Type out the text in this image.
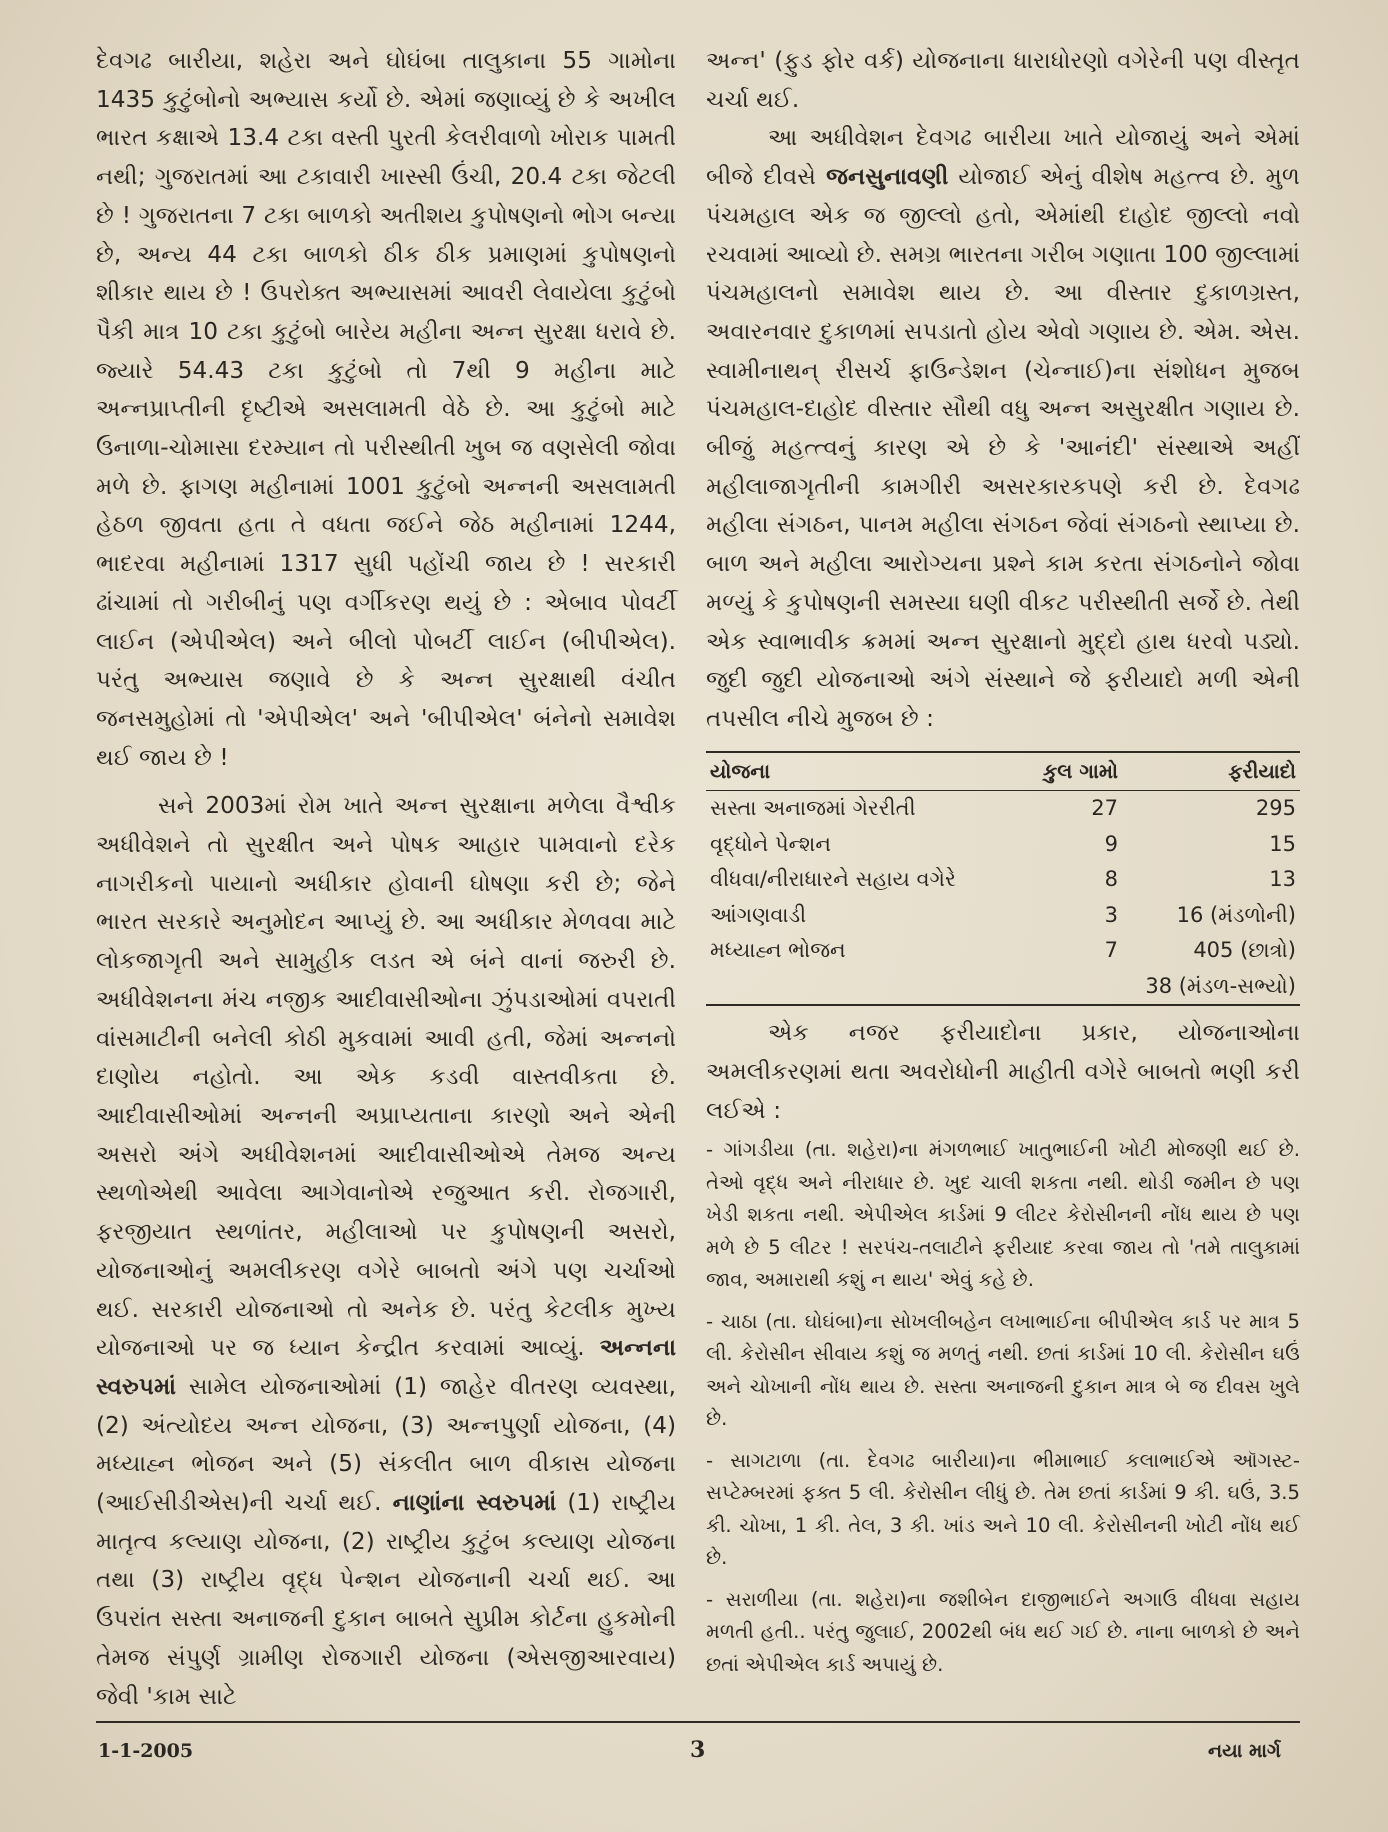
દેવગઢ બારીયા, શહેરા અને ઘોઘંબા તાલુકાના 55 ગામોના 1435 કુટુંબોનો અભ્યાસ કર્યો છે. એમાં જણાવ્યું છે કે અખીલ ભારત કક્ષાએ 13.4 ટકા વસ્તી પુરતી કેલરીવાળો ખોરાક પામતી નથી; ગુજરાતમાં આ ટકાવારી ખાસ્સી ઉંચી, 20.4 ટકા જેટલી છે ! ગુજરાતના 7 ટકા બાળકો અતીશય કુપોષણનો ભોગ બન્યા છે, અન્ય 44 ટકા બાળકો ઠીક ઠીક પ્રમાણમાં કુપોષણનો શીકાર થાય છે ! ઉપરોક્ત અભ્યાસમાં આવરી લેવાયેલા કુટુંબો પૈકી માત્ર 10 ટકા કુટુંબો બારેય મહીના અન્ન સુરક્ષા ધરાવે છે. જ્યારે 54.43 ટકા કુટુંબો તો 7થી 9 મહીના માટે અન્નપ્રાપ્તીની દૃષ્ટીએ અસલામતી વેઠે છે. આ કુટુંબો માટે ઉનાળા-ચોમાસા દરમ્યાન તો પરીસ્થીતી ખુબ જ વણસેલી જોવા મળે છે. ફાગણ મહીનામાં 1001 કુટુંબો અન્નની અસલામતી હેઠળ જીવતા હતા તે વધતા જઈને જેઠ મહીનામાં 1244, ભાદરવા મહીનામાં 1317 સુધી પહોંચી જાય છે ! સરકારી ઢાંચામાં તો ગરીબીનું પણ વર્ગીકરણ થયું છે : એબાવ પોવર્ટી લાઈન (એપીએલ) અને બીલો પોબર્ટી લાઈન (બીપીએલ). પરંતુ અભ્યાસ જણાવે છે કે અન્ન સુરક્ષાથી વંચીત જનસમુહોમાં તો 'એપીએલ' અને 'બીપીએલ' બંનેનો સમાવેશ થઈ જાય છે !

સને 2003માં રોમ ખાતે અન્ન સુરક્ષાના મળેલા વૈશ્વીક અધીવેશને તો સુરક્ષીત અને પોષક આહાર પામવાનો દરેક નાગરીકનો પાયાનો અધીકાર હોવાની ઘોષણા કરી છે; જેને ભારત સરકારે અનુમોદન આપ્યું છે. આ અધીકાર મેળવવા માટે લોકજાગૃતી અને સામુહીક લડત એ બંને વાનાં જરુરી છે. અધીવેશનના મંચ નજીક આદીવાસીઓના ઝુંપડાઓમાં વપરાતી વાંસમાટીની બનેલી કોઠી મુકવામાં આવી હતી, જેમાં અન્નનો દાણોય નહોતો. આ એક કડવી વાસ્તવીકતા છે. આદીવાસીઓમાં અન્નની અપ્રાપ્યતાના કારણો અને એની અસરો અંગે અધીવેશનમાં આદીવાસીઓએ તેમજ અન્ય સ્થળોએથી આવેલા આગેવાનોએ રજુઆત કરી. રોજગારી, ફરજીયાત સ્થળાંતર, મહીલાઓ પર કુપોષણની અસરો, યોજનાઓનું અમલીકરણ વગેરે બાબતો અંગે પણ ચર્ચાઓ થઈ. સરકારી યોજનાઓ તો અનેક છે. પરંતુ કેટલીક મુખ્ય યોજનાઓ પર જ ધ્યાન કેન્દ્રીત કરવામાં આવ્યું. અન્નના સ્વરુપમાં સામેલ યોજનાઓમાં (1) જાહેર વીતરણ વ્યવસ્થા, (2) અંત્યોદય અન્ન યોજના, (3) અન્નપુર્ણા યોજના, (4) મધ્યાહ્ન ભોજન અને (5) સંકલીત બાળ વીકાસ યોજના (આઈસીડીએસ)ની ચર્ચા થઈ. નાણાંના સ્વરુપમાં (1) રાષ્ટ્રીય માતૃત્વ કલ્યાણ યોજના, (2) રાષ્ટ્રીય કુટુંબ કલ્યાણ યોજના તથા (3) રાષ્ટ્રીય વૃદ્ધ પેન્શન યોજનાની ચર્ચા થઈ. આ ઉપરાંત સસ્તા અનાજની દુકાન બાબતે સુપ્રીમ કોર્ટના હુકમોની તેમજ સંપુર્ણ ગ્રામીણ રોજગારી યોજના (એસજીઆરવાય) જેવી 'કામ સાટે

અન્ન' (ફુડ ફોર વર્ક) યોજનાના ધારાધોરણો વગેરેની પણ વીસ્તૃત ચર્ચા થઈ.

આ અધીવેશન દેવગઢ બારીયા ખાતે યોજાયું અને એમાં બીજે દીવસે જનસુનાવણી યોજાઈ એનું વીશેષ મહત્ત્વ છે. મુળ પંચમહાલ એક જ જીલ્લો હતો, એમાંથી દાહોદ જીલ્લો નવો રચવામાં આવ્યો છે. સમગ્ર ભારતના ગરીબ ગણાતા 100 જીલ્લામાં પંચમહાલનો સમાવેશ થાય છે. આ વીસ્તાર દુકાળગ્રસ્ત, અવારનવાર દુકાળમાં સપડાતો હોય એવો ગણાય છે. એમ. એસ. સ્વામીનાથન્ રીસર્ચ ફાઉન્ડેશન (ચેન્નાઈ)ના સંશોધન મુજબ પંચમહાલ-દાહોદ વીસ્તાર સૌથી વધુ અન્ન અસુરક્ષીત ગણાય છે. બીજું મહત્ત્વનું કારણ એ છે કે 'આનંદી' સંસ્થાએ અહીં મહીલાજાગૃતીની કામગીરી અસરકારકપણે કરી છે. દેવગઢ મહીલા સંગઠન, પાનમ મહીલા સંગઠન જેવાં સંગઠનો સ્થાપ્યા છે. બાળ અને મહીલા આરોગ્યના પ્રશ્ને કામ કરતા સંગઠનોને જોવા મળ્યું કે કુપોષણની સમસ્યા ઘણી વીકટ પરીસ્થીતી સર્જે છે. તેથી એક સ્વાભાવીક ક્રમમાં અન્ન સુરક્ષાનો મુદ્દો હાથ ધરવો પડ્યો. જુદી જુદી યોજનાઓ અંગે સંસ્થાને જે ફરીયાદો મળી એની તપસીલ નીચે મુજબ છે :

યોજના	કુલ ગામો	ફરીયાદો
સસ્તા અનાજમાં ગેરરીતી	27	295
વૃદ્ધોને પેન્શન	9	15
વીધવા/નીરાધારને સહાય વગેરે	8	13
આંગણવાડી	3	16 (મંડળોની)
મધ્યાહ્ન ભોજન	7	405 (છાત્રો)
		38 (મંડળ-સભ્યો)

એક નજર ફરીયાદોના પ્રકાર, યોજનાઓના અમલીકરણમાં થતા અવરોધોની માહીતી વગેરે બાબતો ભણી કરી લઈએ :

- ગાંગડીયા (તા. શહેરા)ના મંગળભાઈ ખાતુભાઈની ખોટી મોજણી થઈ છે. તેઓ વૃદ્ધ અને નીરાધાર છે. ખુદ ચાલી શકતા નથી. થોડી જમીન છે પણ ખેડી શકતા નથી. એપીએલ કાર્ડમાં 9 લીટર કેરોસીનની નોંધ થાય છે પણ મળે છે 5 લીટર ! સરપંચ-તલાટીને ફરીયાદ કરવા જાય તો 'તમે તાલુકામાં જાવ, અમારાથી કશું ન થાય' એવું કહે છે.

- ચાઠા (તા. ઘોઘંબા)ના સોખલીબહેન લખાભાઈના બીપીએલ કાર્ડ પર માત્ર 5 લી. કેરોસીન સીવાય કશું જ મળતું નથી. છતાં કાર્ડમાં 10 લી. કેરોસીન ઘઉં અને ચોખાની નોંધ થાય છે. સસ્તા અનાજની દુકાન માત્ર બે જ દીવસ ખુલે છે.

- સાગટાળા (તા. દેવગઢ બારીયા)ના ભીમાભાઈ કલાભાઈએ ઑગસ્ટ-સપ્ટેમ્બરમાં ફક્ત 5 લી. કેરોસીન લીધું છે. તેમ છતાં કાર્ડમાં 9 કી. ઘઉં, 3.5 કી. ચોખા, 1 કી. તેલ, 3 કી. ખાંડ અને 10 લી. કેરોસીનની ખોટી નોંધ થઈ છે.

- સરાળીયા (તા. શહેરા)ના જશીબેન દાજીભાઈને અગાઉ વીધવા સહાય મળતી હતી.. પરંતુ જુલાઈ, 2002થી બંધ થઈ ગઈ છે. નાના બાળકો છે અને છતાં એપીએલ કાર્ડ અપાયું છે.

1-1-2005	3	નયા માર્ગ
